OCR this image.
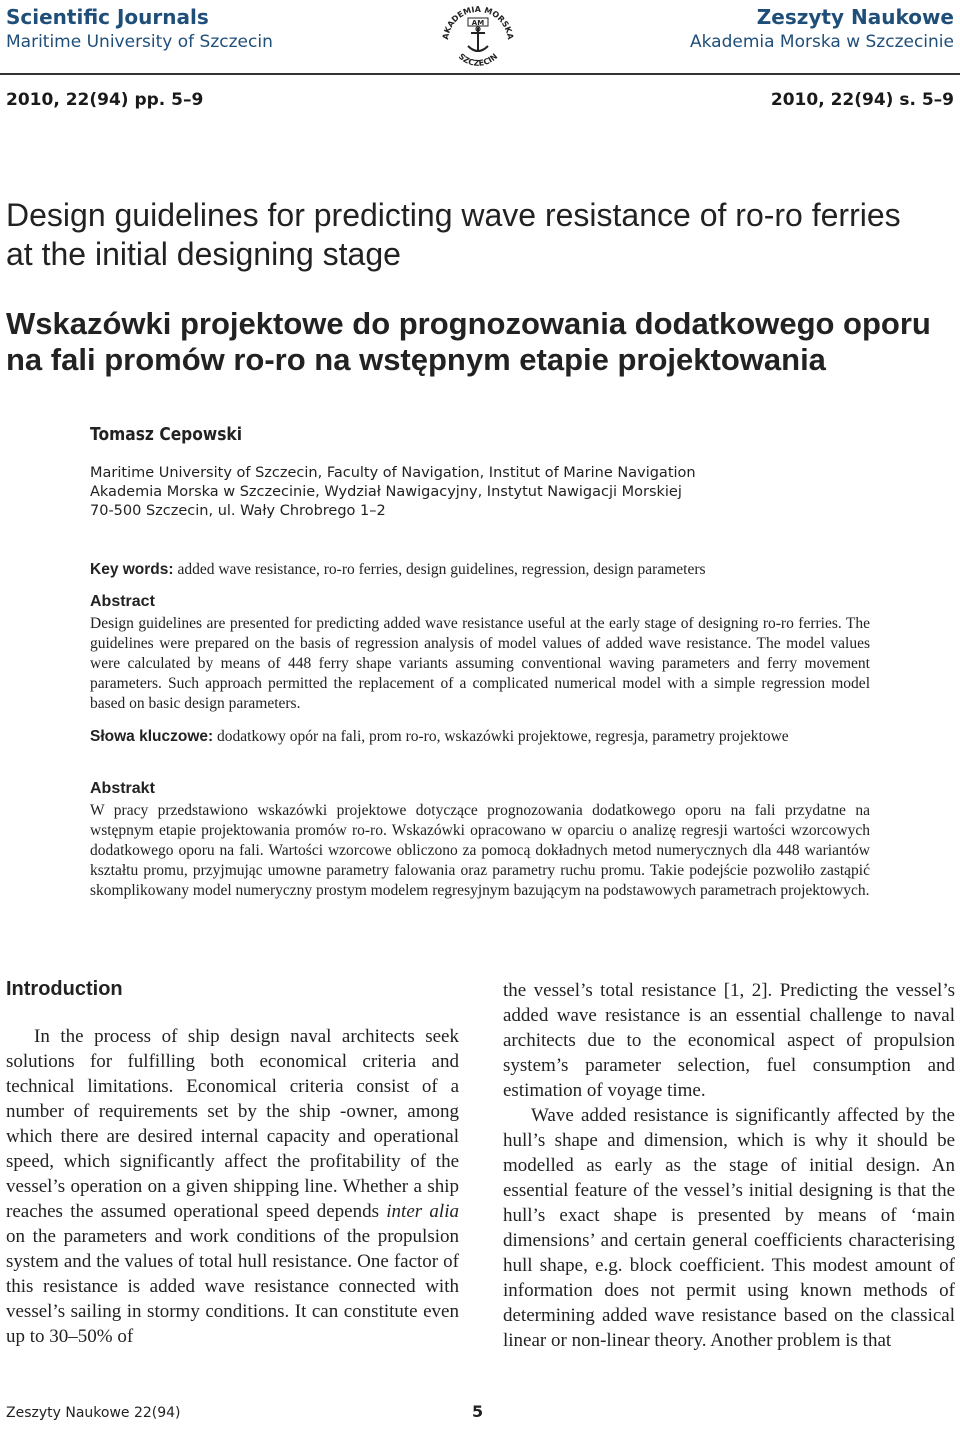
Scientific Journals
Maritime University of Szczecin	AKADEMIA MORSKA
SZCZECIN
AM	Zeszyty Naukowe
Akademia Morska w Szczecinie
2010, 22(94) pp. 5–9	2010, 22(94) s. 5–9
Design guidelines for predicting wave resistance of ro-ro ferries at the initial designing stage
Wskazówki projektowe do prognozowania dodatkowego oporu na fali promów ro-ro na wstępnym etapie projektowania
Tomasz Cepowski
Maritime University of Szczecin, Faculty of Navigation, Institut of Marine Navigation
Akademia Morska w Szczecinie, Wydział Nawigacyjny, Instytut Nawigacji Morskiej
70-500 Szczecin, ul. Wały Chrobrego 1–2
Key words: added wave resistance, ro-ro ferries, design guidelines, regression, design parameters
Abstract
Design guidelines are presented for predicting added wave resistance useful at the early stage of designing ro-ro ferries. The guidelines were prepared on the basis of regression analysis of model values of added wave resistance. The model values were calculated by means of 448 ferry shape variants assuming conventional waving parameters and ferry movement parameters. Such approach permitted the replacement of a complicated numerical model with a simple regression model based on basic design parameters.
Słowa kluczowe: dodatkowy opór na fali, prom ro-ro, wskazówki projektowe, regresja, parametry projektowe
Abstrakt
W pracy przedstawiono wskazówki projektowe dotyczące prognozowania dodatkowego oporu na fali przydatne na wstępnym etapie projektowania promów ro-ro. Wskazówki opracowano w oparciu o analizę regresji wartości wzorcowych dodatkowego oporu na fali. Wartości wzorcowe obliczono za pomocą dokładnych metod numerycznych dla 448 wariantów kształtu promu, przyjmując umowne parametry falowania oraz parametry ruchu promu. Takie podejście pozwoliło zastąpić skomplikowany model numeryczny prostym modelem regresyjnym bazującym na podstawowych parametrach projektowych.
Introduction

In the process of ship design naval architects seek solutions for fulfilling both economical criteria and technical limitations. Economical criteria consist of a number of requirements set by the ship -owner, among which there are desired internal capacity and operational speed, which significantly affect the profitability of the vessel’s operation on a given shipping line. Whether a ship reaches the assumed operational speed depends inter alia on the parameters and work conditions of the propulsion system and the values of total hull resistance. One factor of this resistance is added wave resistance connected with vessel’s sailing in stormy conditions. It can constitute even up to 30–50% of

the vessel’s total resistance [1, 2]. Predicting the vessel’s added wave resistance is an essential challenge to naval architects due to the economical aspect of propulsion system’s parameter selection, fuel consumption and estimation of voyage time.

Wave added resistance is significantly affected by the hull’s shape and dimension, which is why it should be modelled as early as the stage of initial design. An essential feature of the vessel’s initial designing is that the hull’s exact shape is presented by means of ‘main dimensions’ and certain general coefficients characterising hull shape, e.g. block coefficient. This modest amount of information does not permit using known methods of determining added wave resistance based on the classical linear or non-linear theory. Another problem is that

Zeszyty Naukowe 22(94)	5
